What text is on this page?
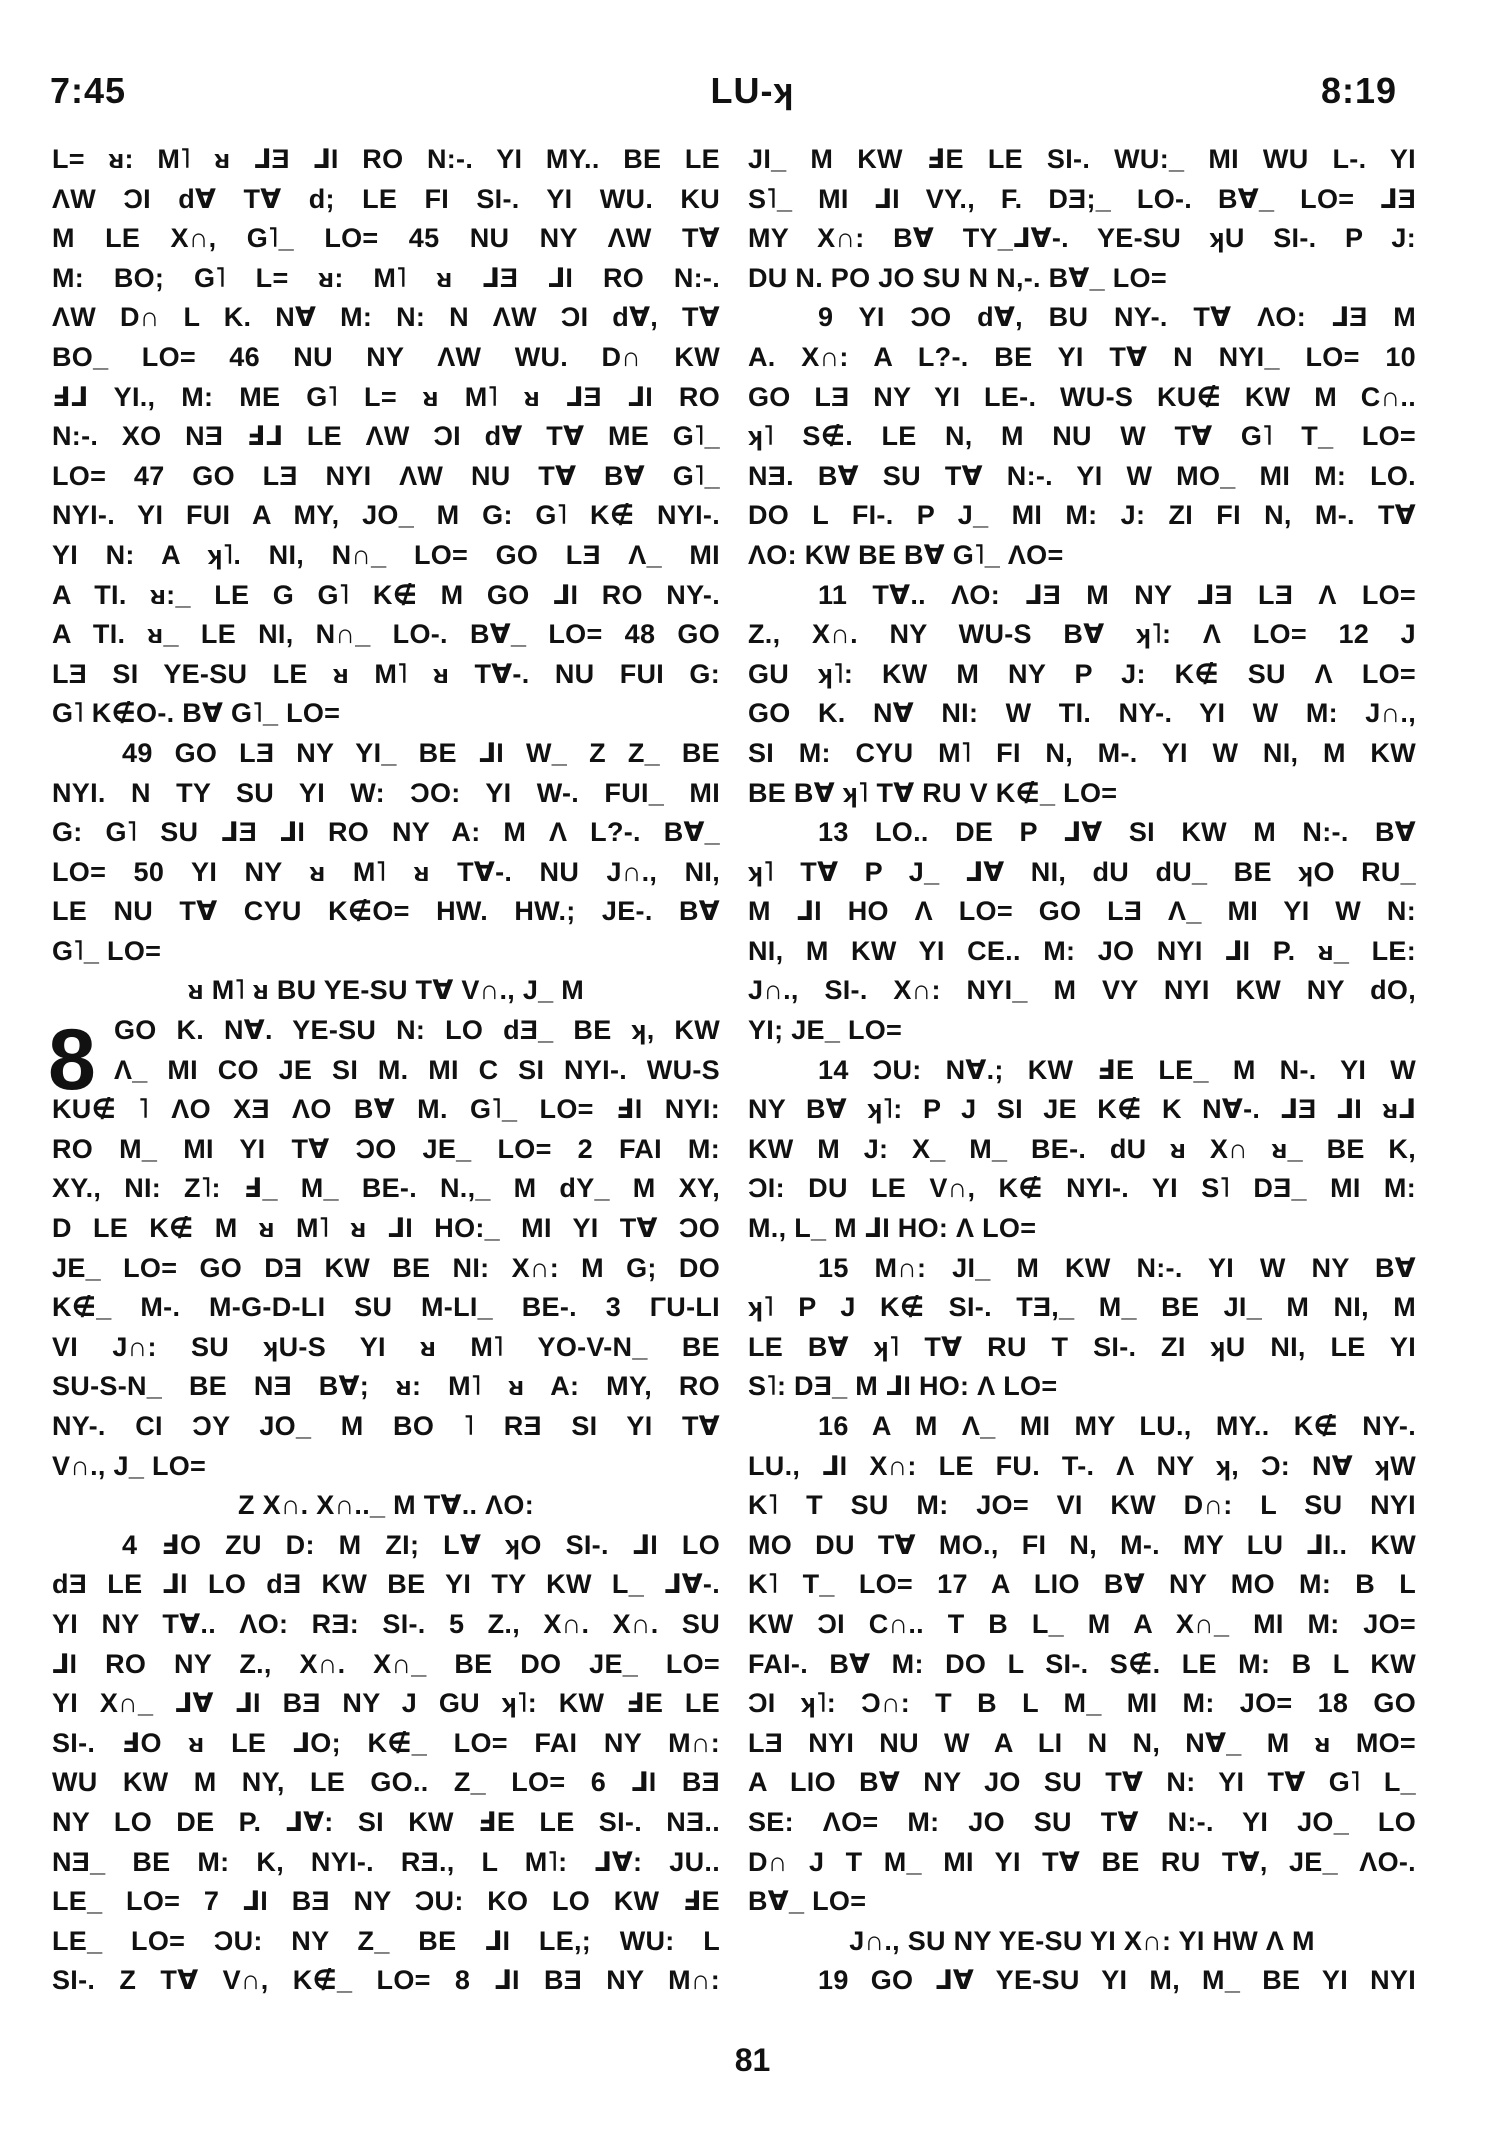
7:45	LU-ʞ	8:19
L= ᴚ: M˥ ᴚ ⅃Ǝ ⅃I RO N:-. YI MY.. BE LE
ΛW ƆI d∀ T∀ d; LE FI SI-. YI WU. KU
M LE X∩, G˥_ LO= 45 NU NY ΛW T∀
M: BO; G˥ L= ᴚ: M˥ ᴚ ⅃Ǝ ⅃I RO N:-.
ΛW D∩ L K. N∀ M: N: N ΛW ƆI d∀, T∀
BO_ LO= 46 NU NY ΛW WU. D∩ KW
Ⅎ⅃ YI., M: ME G˥ L= ᴚ M˥ ᴚ ⅃Ǝ ⅃I RO
N:-. XO NƎ Ⅎ⅃ LE ΛW ƆI d∀ T∀ ME G˥_
LO= 47 GO LƎ NYI ΛW NU T∀ B∀ G˥_
NYI-. YI FUI A MY, JO_ M G: G˥ K∉ NYI-.
YI N: A ʞ˥. NI, N∩_ LO= GO LƎ Λ_ MI
A TI. ᴚ:_ LE G G˥ K∉ M GO ⅃I RO NY-.
A TI. ᴚ_ LE NI, N∩_ LO-. B∀_ LO= 48 GO
LƎ SI YE-SU LE ᴚ M˥ ᴚ T∀-. NU FUI G:
G˥ K∉O-. B∀ G˥_ LO=
49 GO LƎ NY YI_ BE ⅃I W_ Z Z_ BE
NYI. N TY SU YI W: ƆO: YI W-. FUI_ MI
G: G˥ SU ⅃Ǝ ⅃I RO NY A: M Λ L?-. B∀_
LO= 50 YI NY ᴚ M˥ ᴚ T∀-. NU J∩., NI,
LE NU T∀ CYU K∉O= HW. HW.; JE-. B∀
G˥_ LO=
ᴚ M˥ ᴚ BU YE-SU T∀ V∩., J_ M
GO K. N∀. YE-SU N: LO dƎ_ BE ʞ, KW
Λ_ MI CO JE SI M. MI C SI NYI-. WU-S
KU∉ ˥ ΛO XƎ ΛO B∀ M. G˥_ LO= ℲI NYI:
RO M_ MI YI T∀ ƆO JE_ LO= 2 FAI M:
XY., NI: Z˥: Ⅎ_ M_ BE-. N.,_ M dY_ M XY,
D LE K∉ M ᴚ M˥ ᴚ ⅃I HO:_ MI YI T∀ ƆO
JE_ LO= GO DƎ KW BE NI: X∩: M G; DO
K∉_ M-. M-G-D-LI SU M-LI_ BE-. 3 ΓU-LI
VI J∩: SU ʞU-S YI ᴚ M˥ YO-V-N_ BE
SU-S-N_ BE NƎ B∀; ᴚ: M˥ ᴚ A: MY, RO
NY-. CI ƆY JO_ M BO ˥ RƎ SI YI T∀
V∩., J_ LO=
Z X∩. X∩.._ M T∀.. ΛO:
4 ℲO ZU D: M ZI; L∀ ʞO SI-. ⅃I LO
dƎ LE ⅃I LO dƎ KW BE YI TY KW L_ ⅃∀-.
YI NY T∀.. ΛO: RƎ: SI-. 5 Z., X∩. X∩. SU
⅃I RO NY Z., X∩. X∩_ BE DO JE_ LO=
YI X∩_ ⅃∀ ⅃I BƎ NY J GU ʞ˥: KW ℲE LE
SI-. ℲO ᴚ LE ⅃O; K∉_ LO= FAI NY M∩:
WU KW M NY, LE GO.. Z_ LO= 6 ⅃I BƎ
NY LO DE P. ⅃∀: SI KW ℲE LE SI-. NƎ..
NƎ_ BE M: K, NYI-. RƎ., L M˥: ⅃∀: JU..
LE_ LO= 7 ⅃I BƎ NY ƆU: KO LO KW ℲE
LE_ LO= ƆU: NY Z_ BE ⅃I LE,; WU: L
SI-. Z T∀ V∩, K∉_ LO= 8 ⅃I BƎ NY M∩:
JI_ M KW ℲE LE SI-. WU:_ MI WU L-. YI
S˥_ MI ⅃I VY., F. DƎ;_ LO-. B∀_ LO= ⅃Ǝ
MY X∩: B∀ TY_⅃∀-. YE-SU ʞU SI-. P J:
DU N. PO JO SU N N,-. B∀_ LO=
9 YI ƆO d∀, BU NY-. T∀ ΛO: ⅃Ǝ M
A. X∩: A L?-. BE YI T∀ N NYI_ LO= 10
GO LƎ NY YI LE-. WU-S KU∉ KW M C∩..
ʞ˥ S∉. LE N, M NU W T∀ G˥ T_ LO=
NƎ. B∀ SU T∀ N:-. YI W MO_ MI M: LO.
DO L FI-. P J_ MI M: J: ZI FI N, M-. T∀
ΛO: KW BE B∀ G˥_ ΛO=
11 T∀.. ΛO: ⅃Ǝ M NY ⅃Ǝ LƎ Λ LO=
Z., X∩. NY WU-S B∀ ʞ˥: Λ LO= 12 J
GU ʞ˥: KW M NY P J: K∉ SU Λ LO=
GO K. N∀ NI: W TI. NY-. YI W M: J∩.,
SI M: CYU M˥ FI N, M-. YI W NI, M KW
BE B∀ ʞ˥ T∀ RU V K∉_ LO=
13 LO.. DE P ⅃∀ SI KW M N:-. B∀
ʞ˥ T∀ P J_ ⅃∀ NI, dU dU_ BE ʞO RU_
M ⅃I HO Λ LO= GO LƎ Λ_ MI YI W N:
NI, M KW YI CE.. M: JO NYI ⅃I P. ᴚ_ LE:
J∩., SI-. X∩: NYI_ M VY NYI KW NY dO,
YI; JE_ LO=
14 ƆU: N∀.; KW ℲE LE_ M N-. YI W
NY B∀ ʞ˥: P J SI JE K∉ K N∀-. ⅃Ǝ ⅃I ᴚ⅃
KW M J: X_ M_ BE-. dU ᴚ X∩ ᴚ_ BE K,
ƆI: DU LE V∩, K∉ NYI-. YI S˥ DƎ_ MI M:
M., L_ M ⅃I HO: Λ LO=
15 M∩: JI_ M KW N:-. YI W NY B∀
ʞ˥ P J K∉ SI-. TƎ,_ M_ BE JI_ M NI, M
LE B∀ ʞ˥ T∀ RU T SI-. ZI ʞU NI, LE YI
S˥: DƎ_ M ⅃I HO: Λ LO=
16 A M Λ_ MI MY LU., MY.. K∉ NY-.
LU., ⅃I X∩: LE FU. T-. Λ NY ʞ, Ɔ: N∀ ʞW
K˥ T SU M: JO= VI KW D∩: L SU NYI
MO DU T∀ MO., FI N, M-. MY LU ⅃I.. KW
K˥ T_ LO= 17 A LIO B∀ NY MO M: B L
KW ƆI C∩.. T B L_ M A X∩_ MI M: JO=
FAI-. B∀ M: DO L SI-. S∉. LE M: B L KW
ƆI ʞ˥: Ɔ∩: T B L M_ MI M: JO= 18 GO
LƎ NYI NU W A LI N N, N∀_ M ᴚ MO=
A LIO B∀ NY JO SU T∀ N: YI T∀ G˥ L_
SE: ΛO= M: JO SU T∀ N:-. YI JO_ LO
D∩ J T M_ MI YI T∀ BE RU T∀, JE_ ΛO-.
B∀_ LO=
J∩., SU NY YE-SU YI X∩: YI HW Λ M
19 GO ⅃∀ YE-SU YI M, M_ BE YI NYI
8
81
